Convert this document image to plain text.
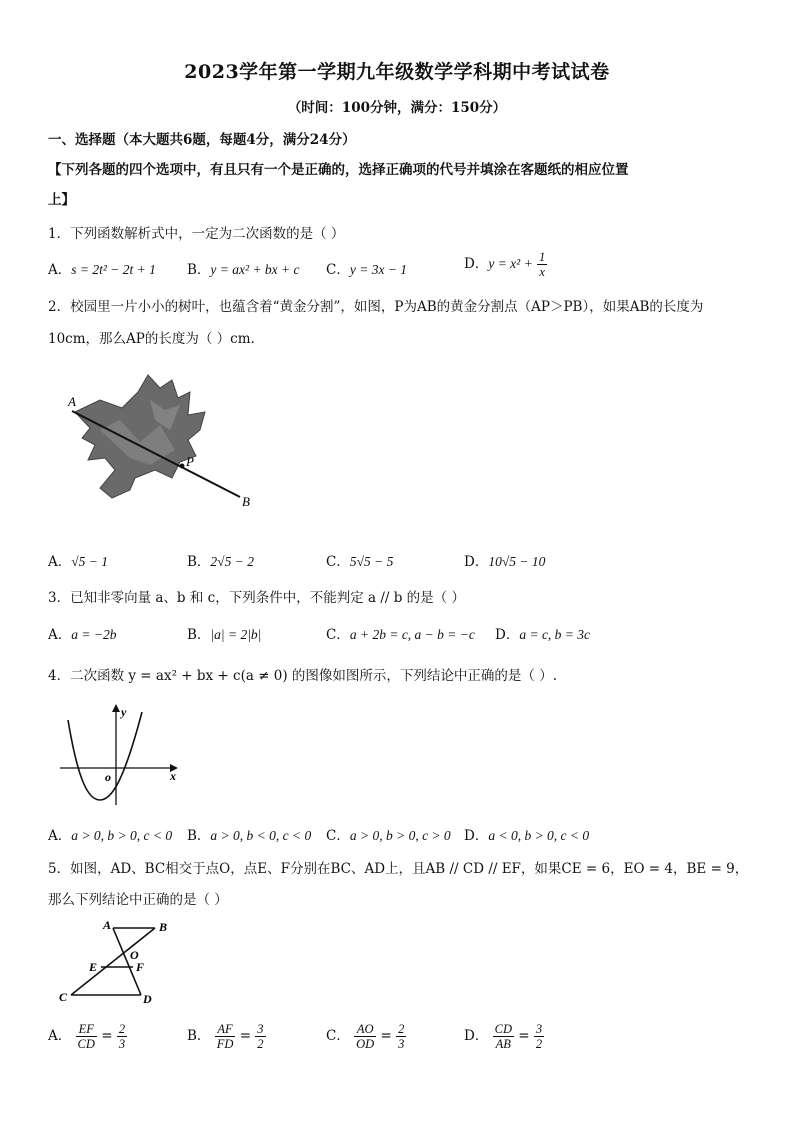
2023学年第一学期九年级数学学科期中考试试卷
（时间：100分钟，满分：150分）
一、选择题（本大题共6题，每题4分，满分24分）
【下列各题的四个选项中，有且只有一个是正确的，选择正确项的代号并填涂在客题纸的相应位置
上】
1．下列函数解析式中，一定为二次函数的是（ ）
A．s = 2t² − 2t + 1 B．y = ax² + bx + c C．y = 3x − 1	D．$y = x^2 + \frac{1}{x}$
2．校园里一片小小的树叶，也蕴含着“黄金分割”，如图，P为AB的黄金分割点（AP＞PB），如果AB的长度为
10cm，那么AP的长度为（ ）cm.
A
P
B
A．√5 − 1	B．2√5 − 2	C．5√5 − 5	D．10√5 − 10
3．已知非零向量 a、b 和 c，下列条件中，不能判定 a // b 的是（ ）
A．a = −2b	B．|a| = 2|b|	C．a + 2b = c, a − b = −c D．a = c, b = 3c
4．二次函数 y = ax² + bx + c(a ≠ 0) 的图像如图所示，下列结论中正确的是（ ）.
y
o	x
A．a > 0, b > 0, c < 0 B．a > 0, b < 0, c < 0 C．a > 0, b > 0, c > 0 D．a < 0, b > 0, c < 0
5．如图，AD、BC相交于点O，点E、F分别在BC、AD上，且AB // CD // EF，如果CE = 6，EO = 4，BE = 9，
那么下列结论中正确的是（ ）
A	B
O
E	F
C	D
A． $\frac{EF}{CD} = \frac{2}{3}$	B． $\frac{AF}{FD} = \frac{3}{2}$	C． $\frac{AO}{OD} = \frac{2}{3}$	D． $\frac{CD}{AB} = \frac{3}{2}$
